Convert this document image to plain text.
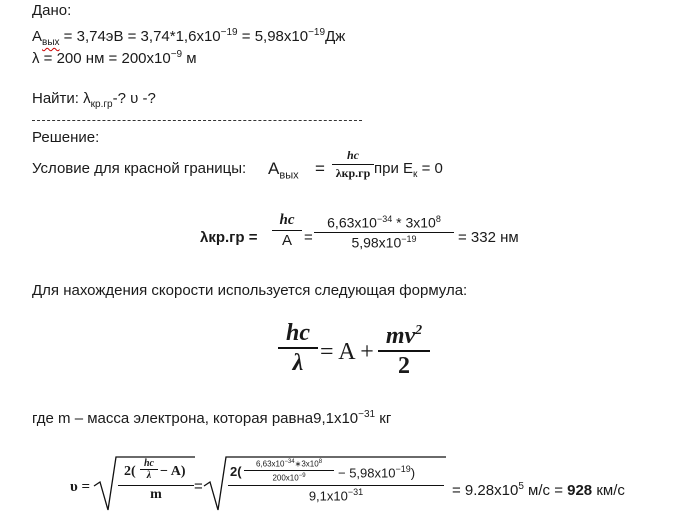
Дано:
$A_{вых} = 3,74эВ = 3,74*1,6x10^{-19} = 5,98x10^{-19}Дж$
λ = 200 нм = $200x10^{-9}$ м
Найти: $\lambda_{кр.гр}-$? υ -?
Решение:
Условие для красной границы: $A_{вых}$ =
hc
λкр.гр при $E_к = 0$
λкр.гр =
hc
A =
$6,63x10^{-34} * 3x10^8$
$5,98x10^{-19}$	= 332 нм
Для нахождения скорости используется следующая формула:
hc
λ = A +
$mv^2$
2
где m – масса электрона, которая $равна9,1x10^{-31}$ кг
υ =
2(
hc
λ − A)
m	=
2(	$6,63x10^{-34}∗3x10^8$
$200x10^{-9}$	− $5,98x10^{-19}$)
$9,1x10^{-31}$	= $9.28x10^5$ м/с = 928 км/с
